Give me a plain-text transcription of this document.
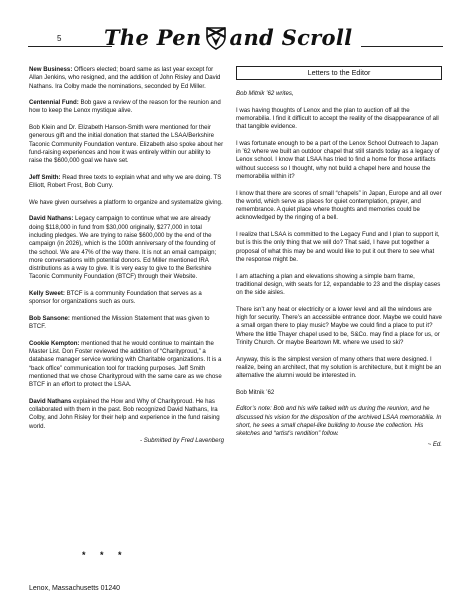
5 The Pen and Scroll

New Business: Officers elected; board same as last year except for Allan Jenkins, who resigned, and the addition of John Risley and David Nathans. Ira Colby made the nominations, seconded by Ed Miller.

Centennial Fund: Bob gave a review of the reason for the reunion and how to keep the Lenox mystique alive.

Bob Klein and Dr. Elizabeth Hanson-Smith were mentioned for their generous gift and the initial donation that started the LSAA/Berkshire Taconic Community Foundation venture. Elizabeth also spoke about her fund-raising experiences and how it was entirely within our ability to raise the $600,000 goal we have set.

Jeff Smith: Read three texts to explain what and why we are doing. TS Elliott, Robert Frost, Bob Curry.

We have given ourselves a platform to organize and systematize giving.

David Nathans: Legacy campaign to continue what we are already doing $118,000 in fund from $30,000 originally, $277,000 in total including pledges. We are trying to raise $600,000 by the end of the campaign (in 2026), which is the 100th anniversary of the founding of the school. We are 47% of the way there. It is not an email campaign; more conversations with potential donors. Ed Miller mentioned IRA distributions as a way to give. It is very easy to give to the Berkshire Taconic Community Foundation (BTCF) through their Website.

Kelly Sweet: BTCF is a community Foundation that serves as a sponsor for organizations such as ours.

Bob Sansone: mentioned the Mission Statement that was given to BTCF.

Cookie Kempton: mentioned that he would continue to maintain the Master List. Don Foster reviewed the addition of “Charityproud,” a database manager service working with Charitable organizations. It is a “back office” communication tool for tracking purposes. Jeff Smith mentioned that we chose Charityproud with the same care as we chose BTCF in an effort to protect the LSAA.

David Nathans explained the How and Why of Charityproud. He has collaborated with them in the past. Bob recognized David Nathans, Ira Colby, and John Risley for their help and experience in the fund raising world.

- Submitted by Fred Lavenberg
* * *
Lenox, Massachusetts 01240
Letters to the Editor

Bob Mitnik ’62 writes,

I was having thoughts of Lenox and the plan to auction off all the memorabilia. I find it difficult to accept the reality of the disappearance of all that tangible evidence.

I was fortunate enough to be a part of the Lenox School Outreach to Japan in ’62 where we built an outdoor chapel that still stands today as a legacy of Lenox school. I know that LSAA has tried to find a home for those artifacts without success so I thought, why not build a chapel here and house the memorabilia within it?

I know that there are scores of small “chapels” in Japan, Europe and all over the world, which serve as places for quiet contemplation, prayer, and remembrance. A quiet place where thoughts and memories could be acknowledged by the ringing of a bell.

I realize that LSAA is committed to the Legacy Fund and I plan to support it, but is this the only thing that we will do? That said, I have put together a proposal of what this may be and would like to put it out there to see what the response might be.

I am attaching a plan and elevations showing a simple barn frame, traditional design, with seats for 12, expandable to 23 and the display cases on the side aisles.

There isn’t any heat or electricity or a lower level and all the windows are high for security. There’s an accessible entrance door. Maybe we could have a small organ there to play music? Maybe we could find a place to put it? Where the little Thayer chapel used to be, S&Co. may find a place for us, or Trinity Church. Or maybe Beartown Mt. where we used to ski?

Anyway, this is the simplest version of many others that were designed. I realize, being an architect, that my solution is architecture, but it might be an alternative the alumni would be interested in.

Bob Mitnik ’62

Editor’s note: Bob and his wife talked with us during the reunion, and he discussed his vision for the disposition of the archived LSAA memorabilia. In short, he sees a small chapel-like building to house the collection. His sketches and “artist’s rendition” follow.

~ Ed.
